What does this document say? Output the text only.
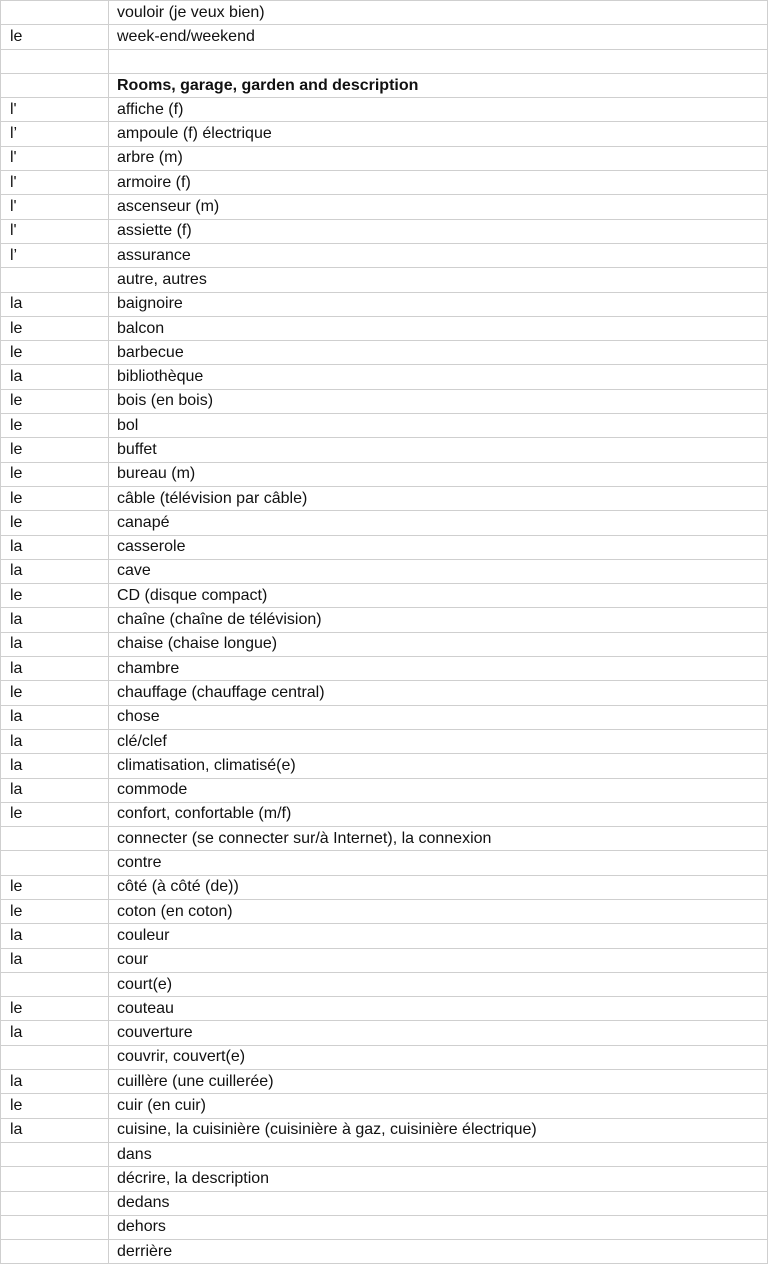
	vouloir (je veux bien)
le	week-end/weekend

	Rooms, garage, garden and description
l'	affiche (f)
l’	ampoule (f) électrique
l'	arbre (m)
l'	armoire (f)
l'	ascenseur (m)
l'	assiette (f)
l’	assurance
	autre, autres
la	baignoire
le	balcon
le	barbecue
la	bibliothèque
le	bois (en bois)
le	bol
le	buffet
le	bureau (m)
le	câble (télévision par câble)
le	canapé
la	casserole
la	cave
le	CD (disque compact)
la	chaîne (chaîne de télévision)
la	chaise (chaise longue)
la	chambre
le	chauffage (chauffage central)
la	chose
la	clé/clef
la	climatisation, climatisé(e)
la	commode
le	confort, confortable (m/f)
	connecter (se connecter sur/à Internet), la connexion
	contre
le	côté (à côté (de))
le	coton (en coton)
la	couleur
la	cour
	court(e)
le	couteau
la	couverture
	couvrir, couvert(e)
la	cuillère (une cuillerée)
le	cuir (en cuir)
la	cuisine, la cuisinière (cuisinière à gaz, cuisinière électrique)
	dans
	décrire, la description
	dedans
	dehors
	derrière
